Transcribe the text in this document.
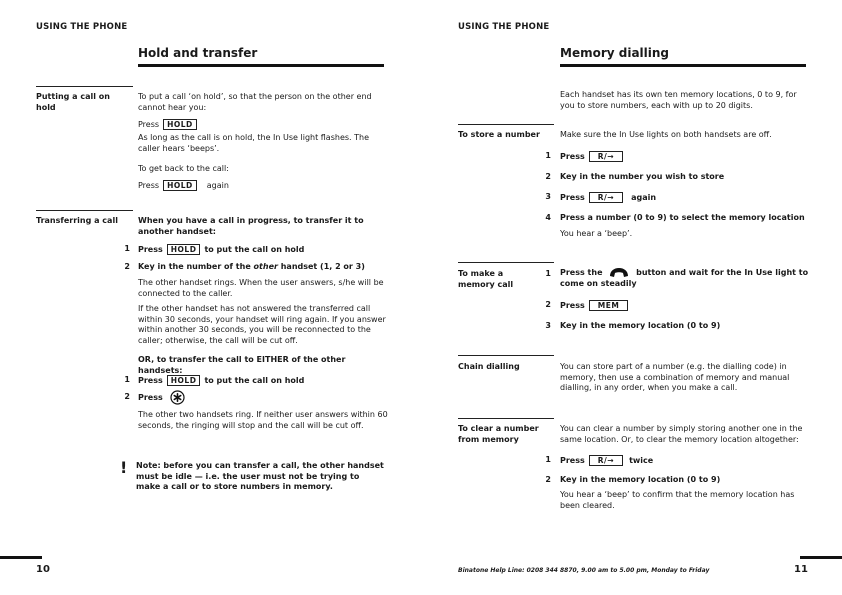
USING THE PHONE
Hold and transfer
Putting a call on hold
To put a call ‘on hold’, so that the person on the other end cannot hear you:
Press HOLD
As long as the call is on hold, the In Use light flashes. The caller hears ‘beeps’.
To get back to the call:
Press HOLD again
Transferring a call	When you have a call in progress, to transfer it to another handset:
1 Press HOLD to put the call on hold
2 Key in the number of the other handset (1, 2 or 3)
The other handset rings. When the user answers, s/he will be connected to the caller.
If the other handset has not answered the transferred call within 30 seconds, your handset will ring again. If you answer within another 30 seconds, you will be reconnected to the caller; otherwise, the call will be cut off.
OR, to transfer the call to EITHER of the other handsets:
1 Press HOLD to put the call on hold
2 Press
The other two handsets ring. If neither user answers within 60 seconds, the ringing will stop and the call will be cut off.
! Note: before you can transfer a call, the other handset must be idle — i.e. the user must not be trying to make a call or to store numbers in memory.
10
USING THE PHONE
Memory dialling
Each handset has its own ten memory locations, 0 to 9, for you to store numbers, each with up to 20 digits.
To store a number	Make sure the In Use lights on both handsets are off.
1 Press R/→
2 Key in the number you wish to store
3 Press R/→ again
4 Press a number (0 to 9) to select the memory location
You hear a ‘beep’.
To make a memory call
1 Press the	button and wait for the In Use light to come on steadily
2 Press MEM
3 Key in the memory location (0 to 9)
Chain dialling	You can store part of a number (e.g. the dialling code) in memory, then use a combination of memory and manual dialling, in any order, when you make a call.
To clear a number from memory
You can clear a number by simply storing another one in the same location. Or, to clear the memory location altogether:
1 Press R/→ twice
2 Key in the memory location (0 to 9)
You hear a ‘beep’ to confirm that the memory location has been cleared.
Binatone Help Line: 0208 344 8870, 9.00 am to 5.00 pm, Monday to Friday	11
